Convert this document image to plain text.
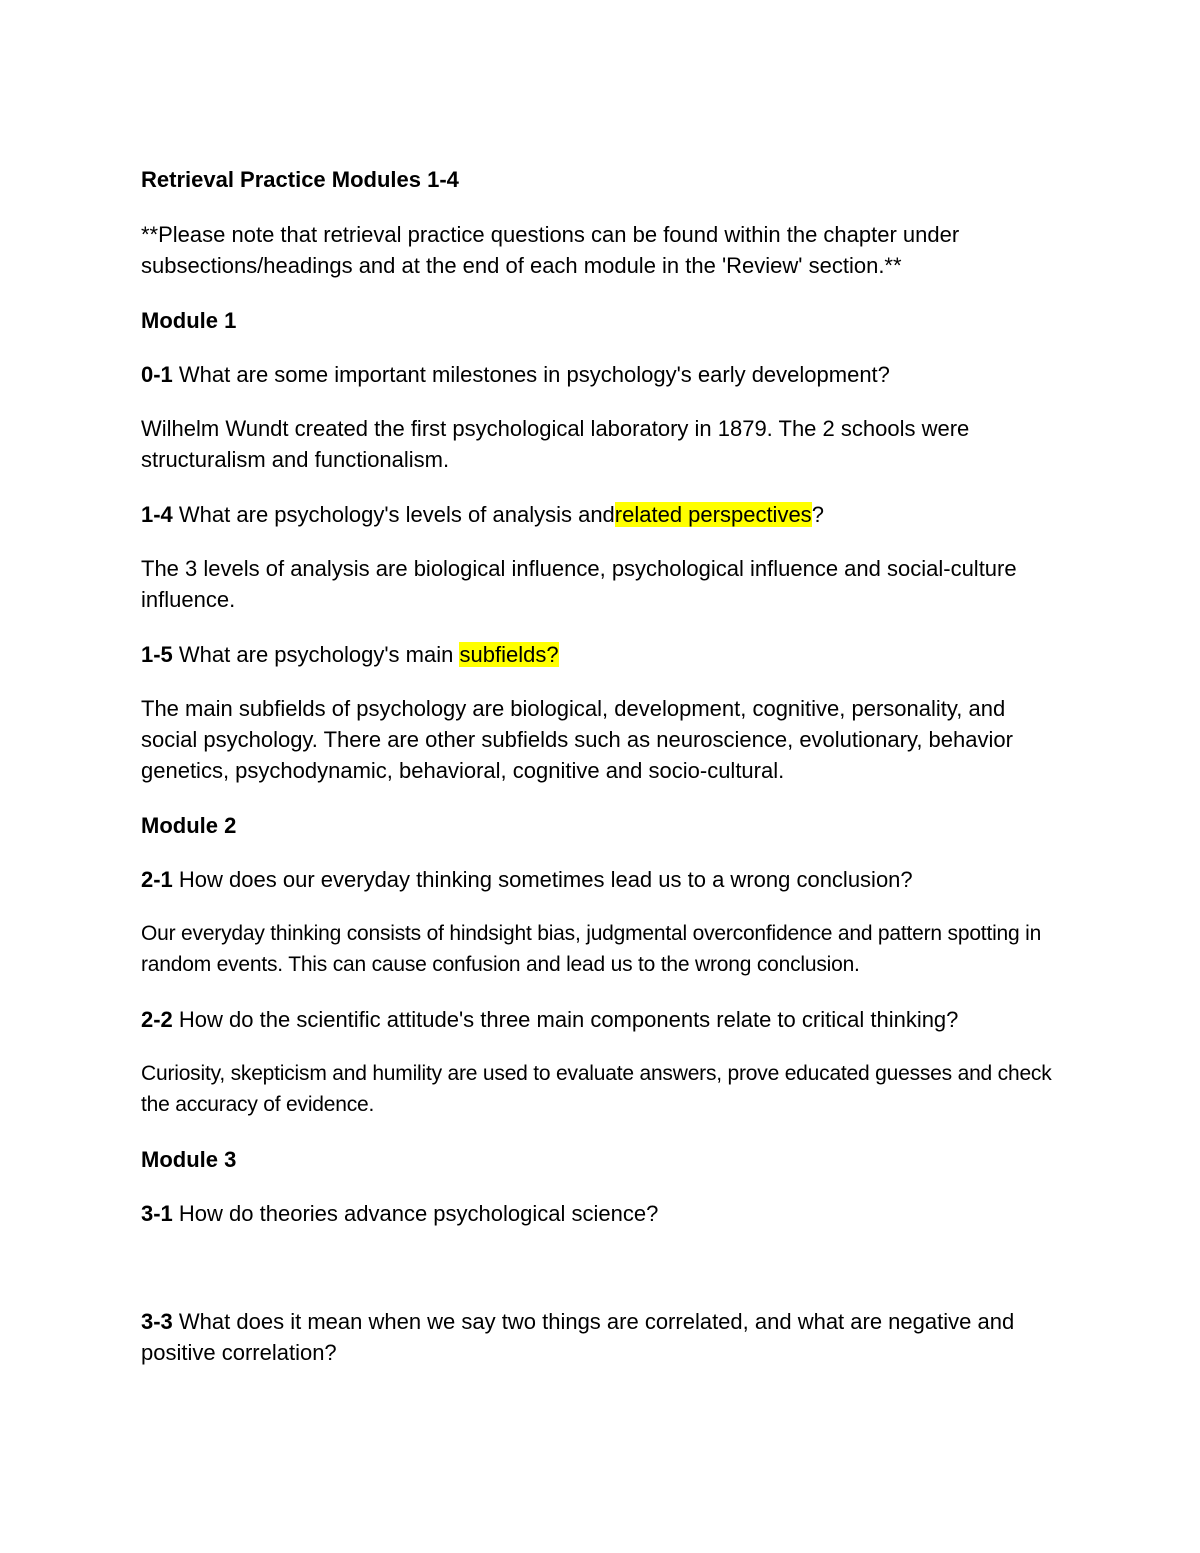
Retrieval Practice Modules 1-4

**Please note that retrieval practice questions can be found within the chapter under subsections/headings and at the end of each module in the 'Review' section.**

Module 1

0-1 What are some important milestones in psychology's early development?

Wilhelm Wundt created the first psychological laboratory in 1879. The 2 schools were structuralism and functionalism.

1-4 What are psychology's levels of analysis andrelated perspectives?

The 3 levels of analysis are biological influence, psychological influence and social-culture influence.

1-5 What are psychology's main subfields?

The main subfields of psychology are biological, development, cognitive, personality, and social psychology. There are other subfields such as neuroscience, evolutionary, behavior genetics, psychodynamic, behavioral, cognitive and socio-cultural.

Module 2

2-1 How does our everyday thinking sometimes lead us to a wrong conclusion?

Our everyday thinking consists of hindsight bias, judgmental overconfidence and pattern spotting in random events. This can cause confusion and lead us to the wrong conclusion.

2-2 How do the scientific attitude's three main components relate to critical thinking?

Curiosity, skepticism and humility are used to evaluate answers, prove educated guesses and check the accuracy of evidence.

Module 3

3-1 How do theories advance psychological science?

3-3 What does it mean when we say two things are correlated, and what are negative and positive correlation?
